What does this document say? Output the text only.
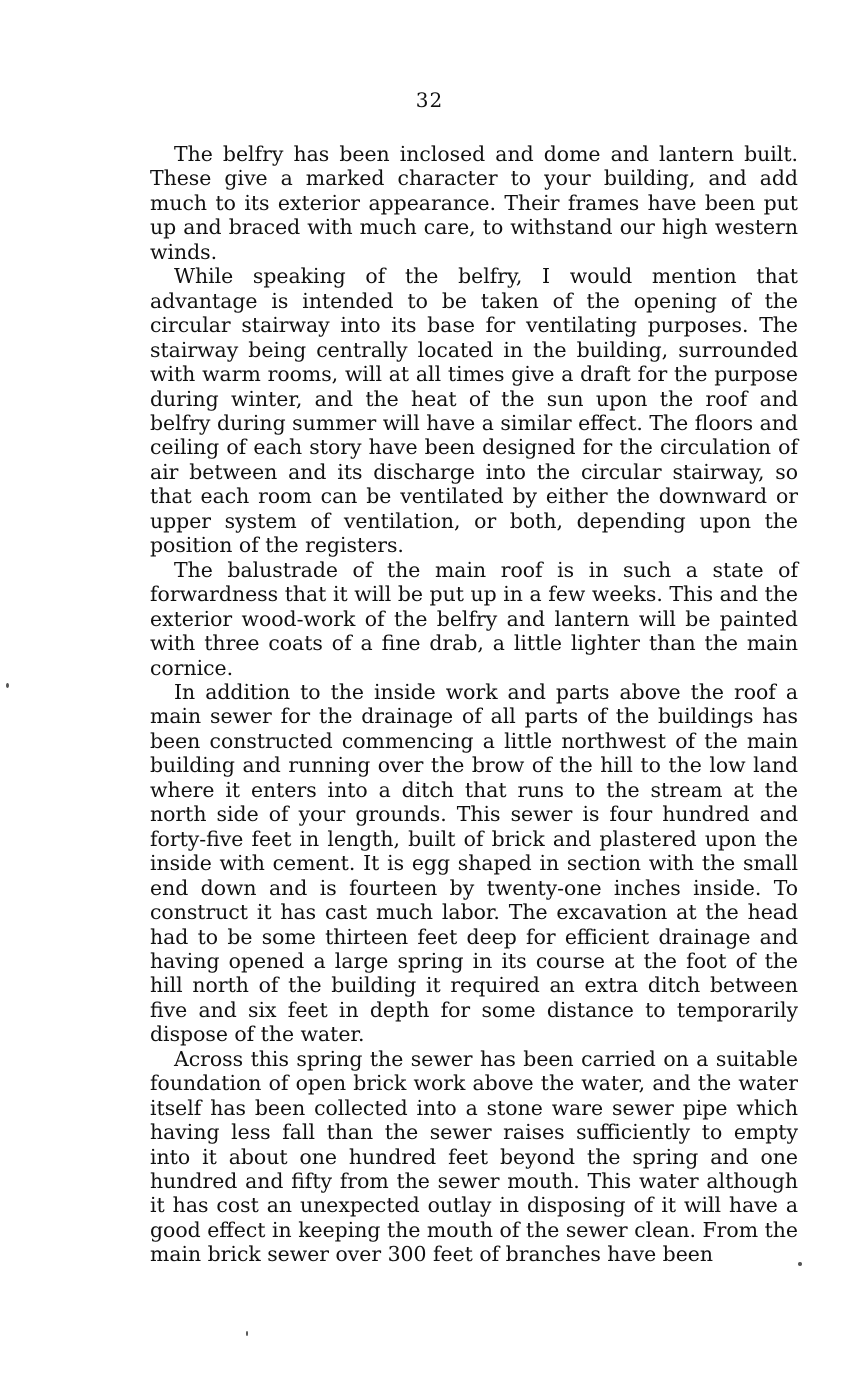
32

The belfry has been inclosed and dome and lantern built. These give a marked character to your building, and add much to its exterior appearance. Their frames have been put up and braced with much care, to withstand our high western winds.

While speaking of the belfry, I would mention that advantage is intended to be taken of the opening of the circular stairway into its base for ventilating purposes. The stairway being centrally located in the building, surrounded with warm rooms, will at all times give a draft for the purpose during winter, and the heat of the sun upon the roof and belfry during summer will have a similar effect. The floors and ceiling of each story have been designed for the circulation of air between and its discharge into the circular stairway, so that each room can be ventilated by either the downward or upper system of ventilation, or both, depending upon the position of the registers.

The balustrade of the main roof is in such a state of forwardness that it will be put up in a few weeks. This and the exterior wood-work of the belfry and lantern will be painted with three coats of a fine drab, a little lighter than the main cornice.

In addition to the inside work and parts above the roof a main sewer for the drainage of all parts of the buildings has been constructed commencing a little northwest of the main building and running over the brow of the hill to the low land where it enters into a ditch that runs to the stream at the north side of your grounds. This sewer is four hundred and forty-five feet in length, built of brick and plastered upon the inside with cement. It is egg shaped in section with the small end down and is fourteen by twenty-one inches inside. To construct it has cast much labor. The excavation at the head had to be some thirteen feet deep for efficient drainage and having opened a large spring in its course at the foot of the hill north of the building it required an extra ditch between five and six feet in depth for some distance to temporarily dispose of the water.

Across this spring the sewer has been carried on a suitable foundation of open brick work above the water, and the water itself has been collected into a stone ware sewer pipe which having less fall than the sewer raises sufficiently to empty into it about one hundred feet beyond the spring and one hundred and fifty from the sewer mouth. This water although it has cost an unexpected outlay in disposing of it will have a good effect in keeping the mouth of the sewer clean. From the main brick sewer over 300 feet of branches have been
